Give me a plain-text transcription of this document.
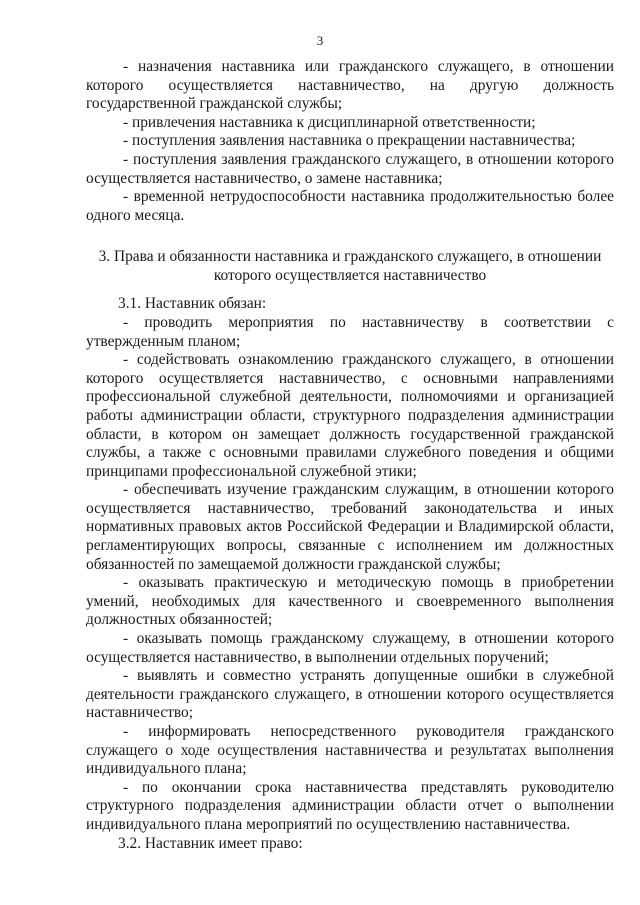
3

- назначения наставника или гражданского служащего, в отношении которого осуществляется наставничество, на другую должность государственной гражданской службы;

- привлечения наставника к дисциплинарной ответственности;

- поступления заявления наставника о прекращении наставничества;

- поступления заявления гражданского служащего, в отношении которого осуществляется наставничество, о замене наставника;

- временной нетрудоспособности наставника продолжительностью более одного месяца.

3. Права и обязанности наставника и гражданского служащего, в отношении
которого осуществляется наставничество

3.1. Наставник обязан:

- проводить мероприятия по наставничеству в соответствии с утвержденным планом;

- содействовать ознакомлению гражданского служащего, в отношении которого осуществляется наставничество, с основными направлениями профессиональной служебной деятельности, полномочиями и организацией работы администрации области, структурного подразделения администрации области, в котором он замещает должность государственной гражданской службы, а также с основными правилами служебного поведения и общими принципами профессиональной служебной этики;

- обеспечивать изучение гражданским служащим, в отношении которого осуществляется наставничество, требований законодательства и иных нормативных правовых актов Российской Федерации и Владимирской области, регламентирующих вопросы, связанные с исполнением им должностных обязанностей по замещаемой должности гражданской службы;

- оказывать практическую и методическую помощь в приобретении умений, необходимых для качественного и своевременного выполнения должностных обязанностей;

- оказывать помощь гражданскому служащему, в отношении которого осуществляется наставничество, в выполнении отдельных поручений;

- выявлять и совместно устранять допущенные ошибки в служебной деятельности гражданского служащего, в отношении которого осуществляется наставничество;

- информировать непосредственного руководителя гражданского служащего о ходе осуществления наставничества и результатах выполнения индивидуального плана;

- по окончании срока наставничества представлять руководителю структурного подразделения администрации области отчет о выполнении индивидуального плана мероприятий по осуществлению наставничества.

3.2. Наставник имеет право:
